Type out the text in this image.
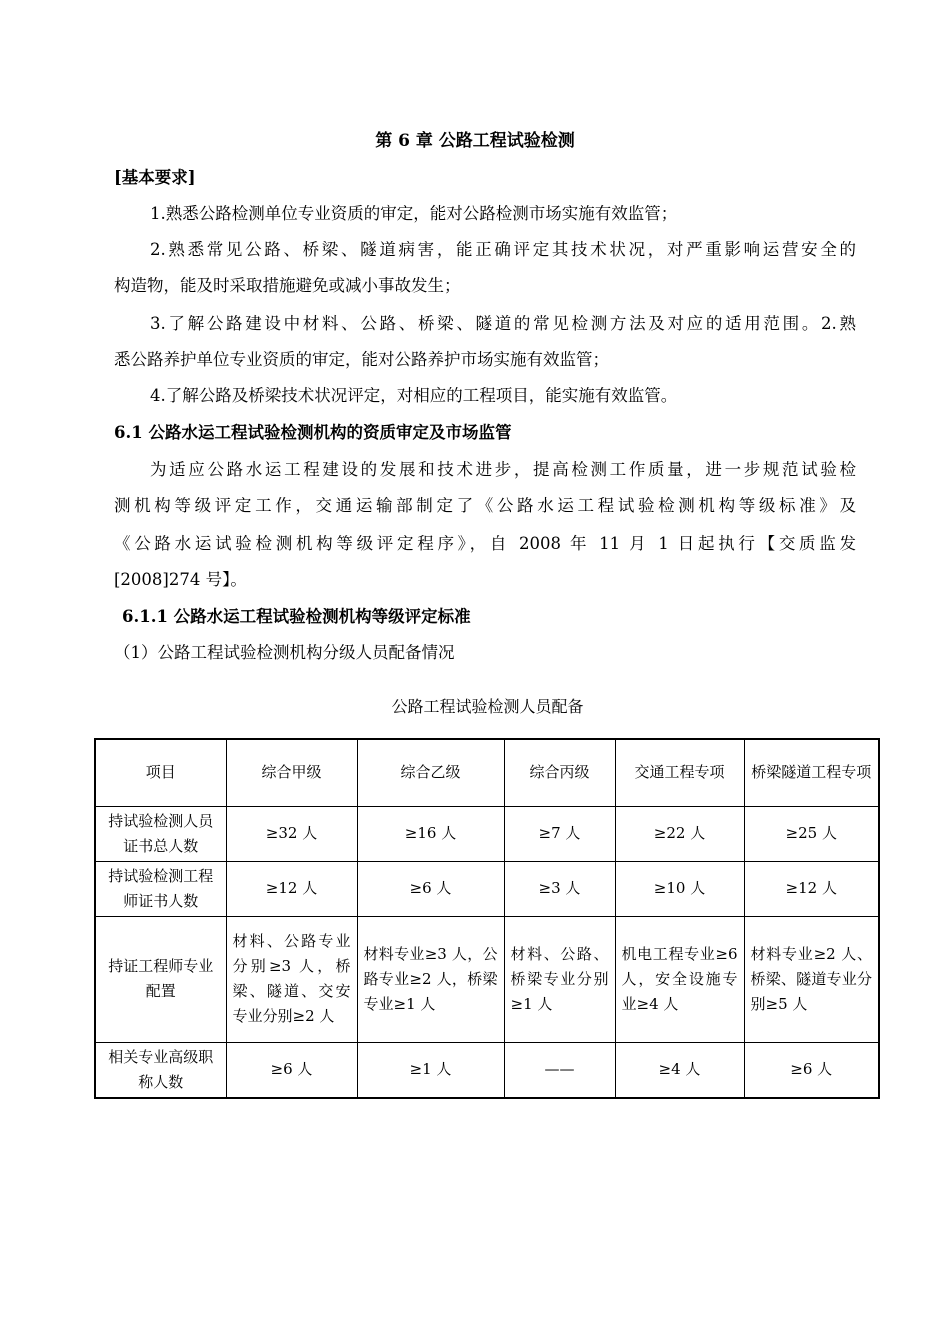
第 6 章 公路工程试验检测
[基本要求]
1.熟悉公路检测单位专业资质的审定，能对公路检测市场实施有效监管；
2.熟悉常见公路、桥梁、隧道病害，能正确评定其技术状况，对严重影响运营安全的
构造物，能及时采取措施避免或减小事故发生；
3.了解公路建设中材料、公路、桥梁、隧道的常见检测方法及对应的适用范围。2.熟
悉公路养护单位专业资质的审定，能对公路养护市场实施有效监管；
4.了解公路及桥梁技术状况评定，对相应的工程项目，能实施有效监管。
6.1 公路水运工程试验检测机构的资质审定及市场监管
为适应公路水运工程建设的发展和技术进步，提高检测工作质量，进一步规范试验检
测机构等级评定工作，交通运输部制定了《公路水运工程试验检测机构等级标准》及
《公路水运试验检测机构等级评定程序》，自 2008 年 11 月 1 日起执行【交质监发
[2008]274 号】。
6.1.1 公路水运工程试验检测机构等级评定标准
（1）公路工程试验检测机构分级人员配备情况
公路工程试验检测人员配备
项目	综合甲级	综合乙级	综合丙级	交通工程专项	桥梁隧道工程专项
持试验检测人员证书总人数	≥32 人	≥16 人	≥7 人	≥22 人	≥25 人
持试验检测工程师证书人数	≥12 人	≥6 人	≥3 人	≥10 人	≥12 人
持证工程师专业配置	材料、公路专业分别≥3 人，桥梁、隧道、交安专业分别≥2 人	材料专业≥3 人，公路专业≥2 人，桥梁专业≥1 人	材料、公路、桥梁专业分别≥1 人	机电工程专业≥6 人，安全设施专业≥4 人	材料专业≥2 人、桥梁、隧道专业分别≥5 人
相关专业高级职称人数	≥6 人	≥1 人	——	≥4 人	≥6 人
